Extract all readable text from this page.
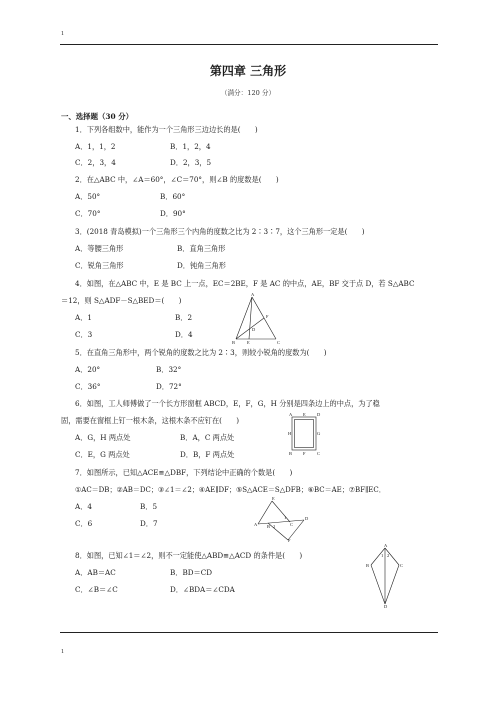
1
第四章 三角形
（满分：120 分）
一、选择题（30 分）
1．下列各组数中，能作为一个三角形三边边长的是(　　)
A．1，1，2	B．1，2，4
C．2，3，4	D．2，3，5
2．在△ABC 中，∠A＝60°，∠C＝70°，则∠B 的度数是(　　)
A．50°	B．60°
C．70°	D．90°
3．(2018 青岛模拟)一个三角形三个内角的度数之比为 2∶3∶7，这个三角形一定是(　　)
A．等腰三角形	B．直角三角形
C．锐角三角形	D．钝角三角形
4．如图，在△ABC 中，E 是 BC 上一点，EC＝2BE，F 是 AC 的中点，AE，BF 交于点 D，若 S△ABC
＝12，则 S△ADF－S△BED＝(　　)
A．1	B．2
C．3	D．4
A
B	C
D
E
F
5．在直角三角形中，两个锐角的度数之比为 2∶3，则较小锐角的度数为(　　)
A．20°	B．32°
C．36°	D．72°
6．如图，工人师傅做了一个长方形窗框 ABCD，E，F，G，H 分别是四条边上的中点，为了稳
固，需要在窗框上钉一根木条，这根木条不应钉在(　　)
A．G，H 两点处	B．A，C 两点处
C．E，G 两点处	D．B，F 两点处
A E	D
H	G
B F	C
7．如图所示，已知△ACE≌△DBF，下列结论中正确的个数是(　　)
①AC＝DB；②AB＝DC；③∠1＝∠2；④AE∥DF；⑤S△ACE＝S△DFB；⑥BC＝AE；⑦BF∥EC．
A．4	B．5
C．6	D．7
E
A B	C
D
F
1
2
8．如图，已知∠1＝∠2，则不一定能使△ABD≌△ACD 的条件是(　　)
A．AB＝AC	B．BD＝CD
C．∠B＝∠C	D．∠BDA＝∠CDA
A
B	C
D
1 2
1
